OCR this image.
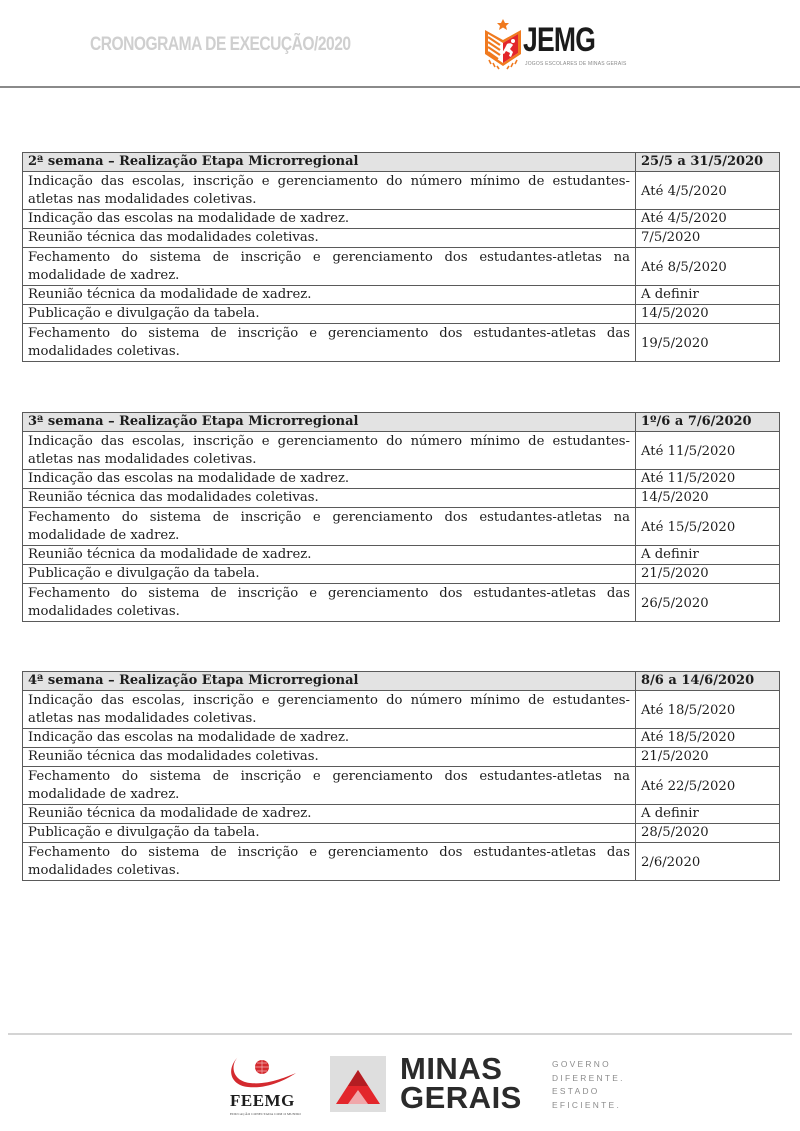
CRONOGRAMA DE EXECUÇÃO/2020	JEMG
JOGOS ESCOLARES DE MINAS GERAIS
2ª semana – Realização Etapa Microrregional	25/5 a 31/5/2020
Indicação das escolas, inscrição e gerenciamento do número mínimo de estudantes-atletas nas modalidades coletivas.	Até 4/5/2020
Indicação das escolas na modalidade de xadrez.	Até 4/5/2020
Reunião técnica das modalidades coletivas.	7/5/2020
Fechamento do sistema de inscrição e gerenciamento dos estudantes-atletas na modalidade de xadrez.	Até 8/5/2020
Reunião técnica da modalidade de xadrez.	A definir
Publicação e divulgação da tabela.	14/5/2020
Fechamento do sistema de inscrição e gerenciamento dos estudantes-atletas das modalidades coletivas.	19/5/2020
3ª semana – Realização Etapa Microrregional	1º/6 a 7/6/2020
Indicação das escolas, inscrição e gerenciamento do número mínimo de estudantes-atletas nas modalidades coletivas.	Até 11/5/2020
Indicação das escolas na modalidade de xadrez.	Até 11/5/2020
Reunião técnica das modalidades coletivas.	14/5/2020
Fechamento do sistema de inscrição e gerenciamento dos estudantes-atletas na modalidade de xadrez.	Até 15/5/2020
Reunião técnica da modalidade de xadrez.	A definir
Publicação e divulgação da tabela.	21/5/2020
Fechamento do sistema de inscrição e gerenciamento dos estudantes-atletas das modalidades coletivas.	26/5/2020
4ª semana – Realização Etapa Microrregional	8/6 a 14/6/2020
Indicação das escolas, inscrição e gerenciamento do número mínimo de estudantes-atletas nas modalidades coletivas.	Até 18/5/2020
Indicação das escolas na modalidade de xadrez.	Até 18/5/2020
Reunião técnica das modalidades coletivas.	21/5/2020
Fechamento do sistema de inscrição e gerenciamento dos estudantes-atletas na modalidade de xadrez.	Até 22/5/2020
Reunião técnica da modalidade de xadrez.	A definir
Publicação e divulgação da tabela.	28/5/2020
Fechamento do sistema de inscrição e gerenciamento dos estudantes-atletas das modalidades coletivas.	2/6/2020
FEEMG
EDUCAÇÃO CONECTADA COM O MUNDO
MINAS
GERAIS
GOVERNO
DIFERENTE.
ESTADO
EFICIENTE.
